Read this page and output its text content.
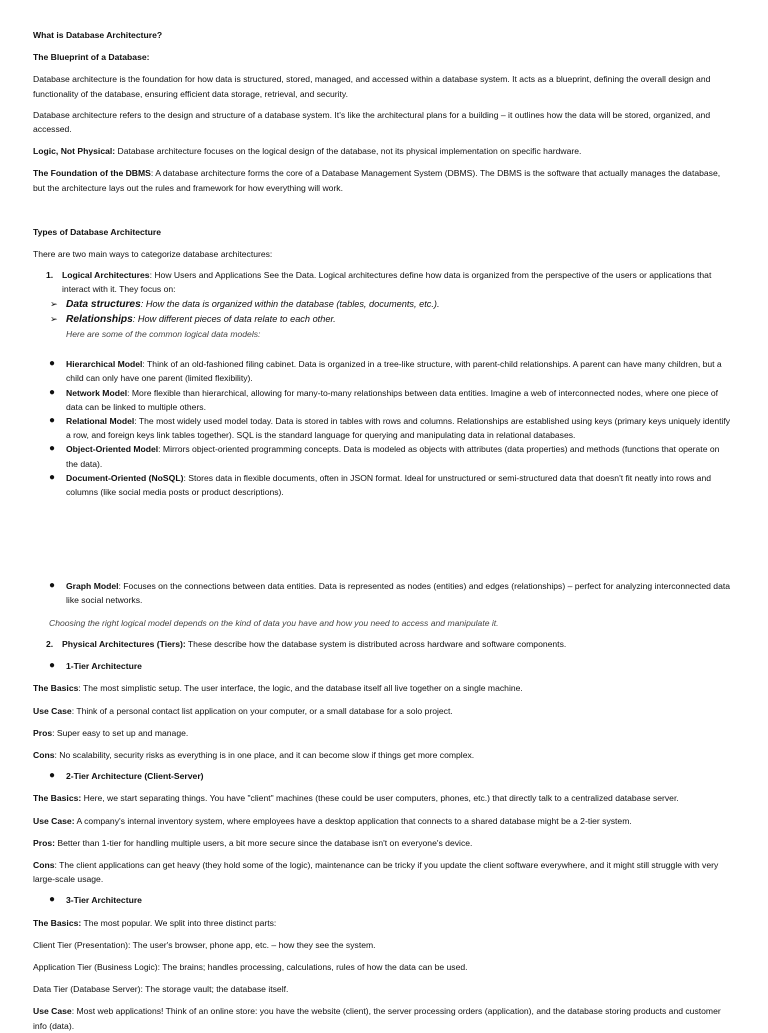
What is Database Architecture?

The Blueprint of a Database:

Database architecture is the foundation for how data is structured, stored, managed, and accessed within a database system. It acts as a blueprint, defining the overall design and functionality of the database, ensuring efficient data storage, retrieval, and security.

Database architecture refers to the design and structure of a database system. It's like the architectural plans for a building – it outlines how the data will be stored, organized, and accessed.

Logic, Not Physical: Database architecture focuses on the logical design of the database, not its physical implementation on specific hardware.

The Foundation of the DBMS: A database architecture forms the core of a Database Management System (DBMS). The DBMS is the software that actually manages the database, but the architecture lays out the rules and framework for how everything will work.

Types of Database Architecture

There are two main ways to categorize database architectures:

1. Logical Architectures: How Users and Applications See the Data. Logical architectures define how data is organized from the perspective of the users or applications that interact with it. They focus on:

➢ Data structures: How the data is organized within the database (tables, documents, etc.).

➢ Relationships: How different pieces of data relate to each other.

Here are some of the common logical data models:

● Hierarchical Model: Think of an old-fashioned filing cabinet. Data is organized in a tree-like structure, with parent-child relationships. A parent can have many children, but a child can only have one parent (limited flexibility).

● Network Model: More flexible than hierarchical, allowing for many-to-many relationships between data entities. Imagine a web of interconnected nodes, where one piece of data can be linked to multiple others.

● Relational Model: The most widely used model today. Data is stored in tables with rows and columns. Relationships are established using keys (primary keys uniquely identify a row, and foreign keys link tables together). SQL is the standard language for querying and manipulating data in relational databases.

● Object-Oriented Model: Mirrors object-oriented programming concepts. Data is modeled as objects with attributes (data properties) and methods (functions that operate on the data).

● Document-Oriented (NoSQL): Stores data in flexible documents, often in JSON format. Ideal for unstructured or semi-structured data that doesn't fit neatly into rows and columns (like social media posts or product descriptions).

● Graph Model: Focuses on the connections between data entities. Data is represented as nodes (entities) and edges (relationships) – perfect for analyzing interconnected data like social networks.

Choosing the right logical model depends on the kind of data you have and how you need to access and manipulate it.

2. Physical Architectures (Tiers): These describe how the database system is distributed across hardware and software components.

● 1-Tier Architecture

The Basics: The most simplistic setup. The user interface, the logic, and the database itself all live together on a single machine.

Use Case: Think of a personal contact list application on your computer, or a small database for a solo project.

Pros: Super easy to set up and manage.

Cons: No scalability, security risks as everything is in one place, and it can become slow if things get more complex.

● 2-Tier Architecture (Client-Server)

The Basics: Here, we start separating things. You have "client" machines (these could be user computers, phones, etc.) that directly talk to a centralized database server.

Use Case: A company's internal inventory system, where employees have a desktop application that connects to a shared database might be a 2-tier system.

Pros: Better than 1-tier for handling multiple users, a bit more secure since the database isn't on everyone's device.

Cons: The client applications can get heavy (they hold some of the logic), maintenance can be tricky if you update the client software everywhere, and it might still struggle with very large-scale usage.

● 3-Tier Architecture

The Basics: The most popular. We split into three distinct parts:

Client Tier (Presentation): The user's browser, phone app, etc. – how they see the system.

Application Tier (Business Logic): The brains; handles processing, calculations, rules of how the data can be used.

Data Tier (Database Server): The storage vault; the database itself.

Use Case: Most web applications! Think of an online store: you have the website (client), the server processing orders (application), and the database storing products and customer info (data).
